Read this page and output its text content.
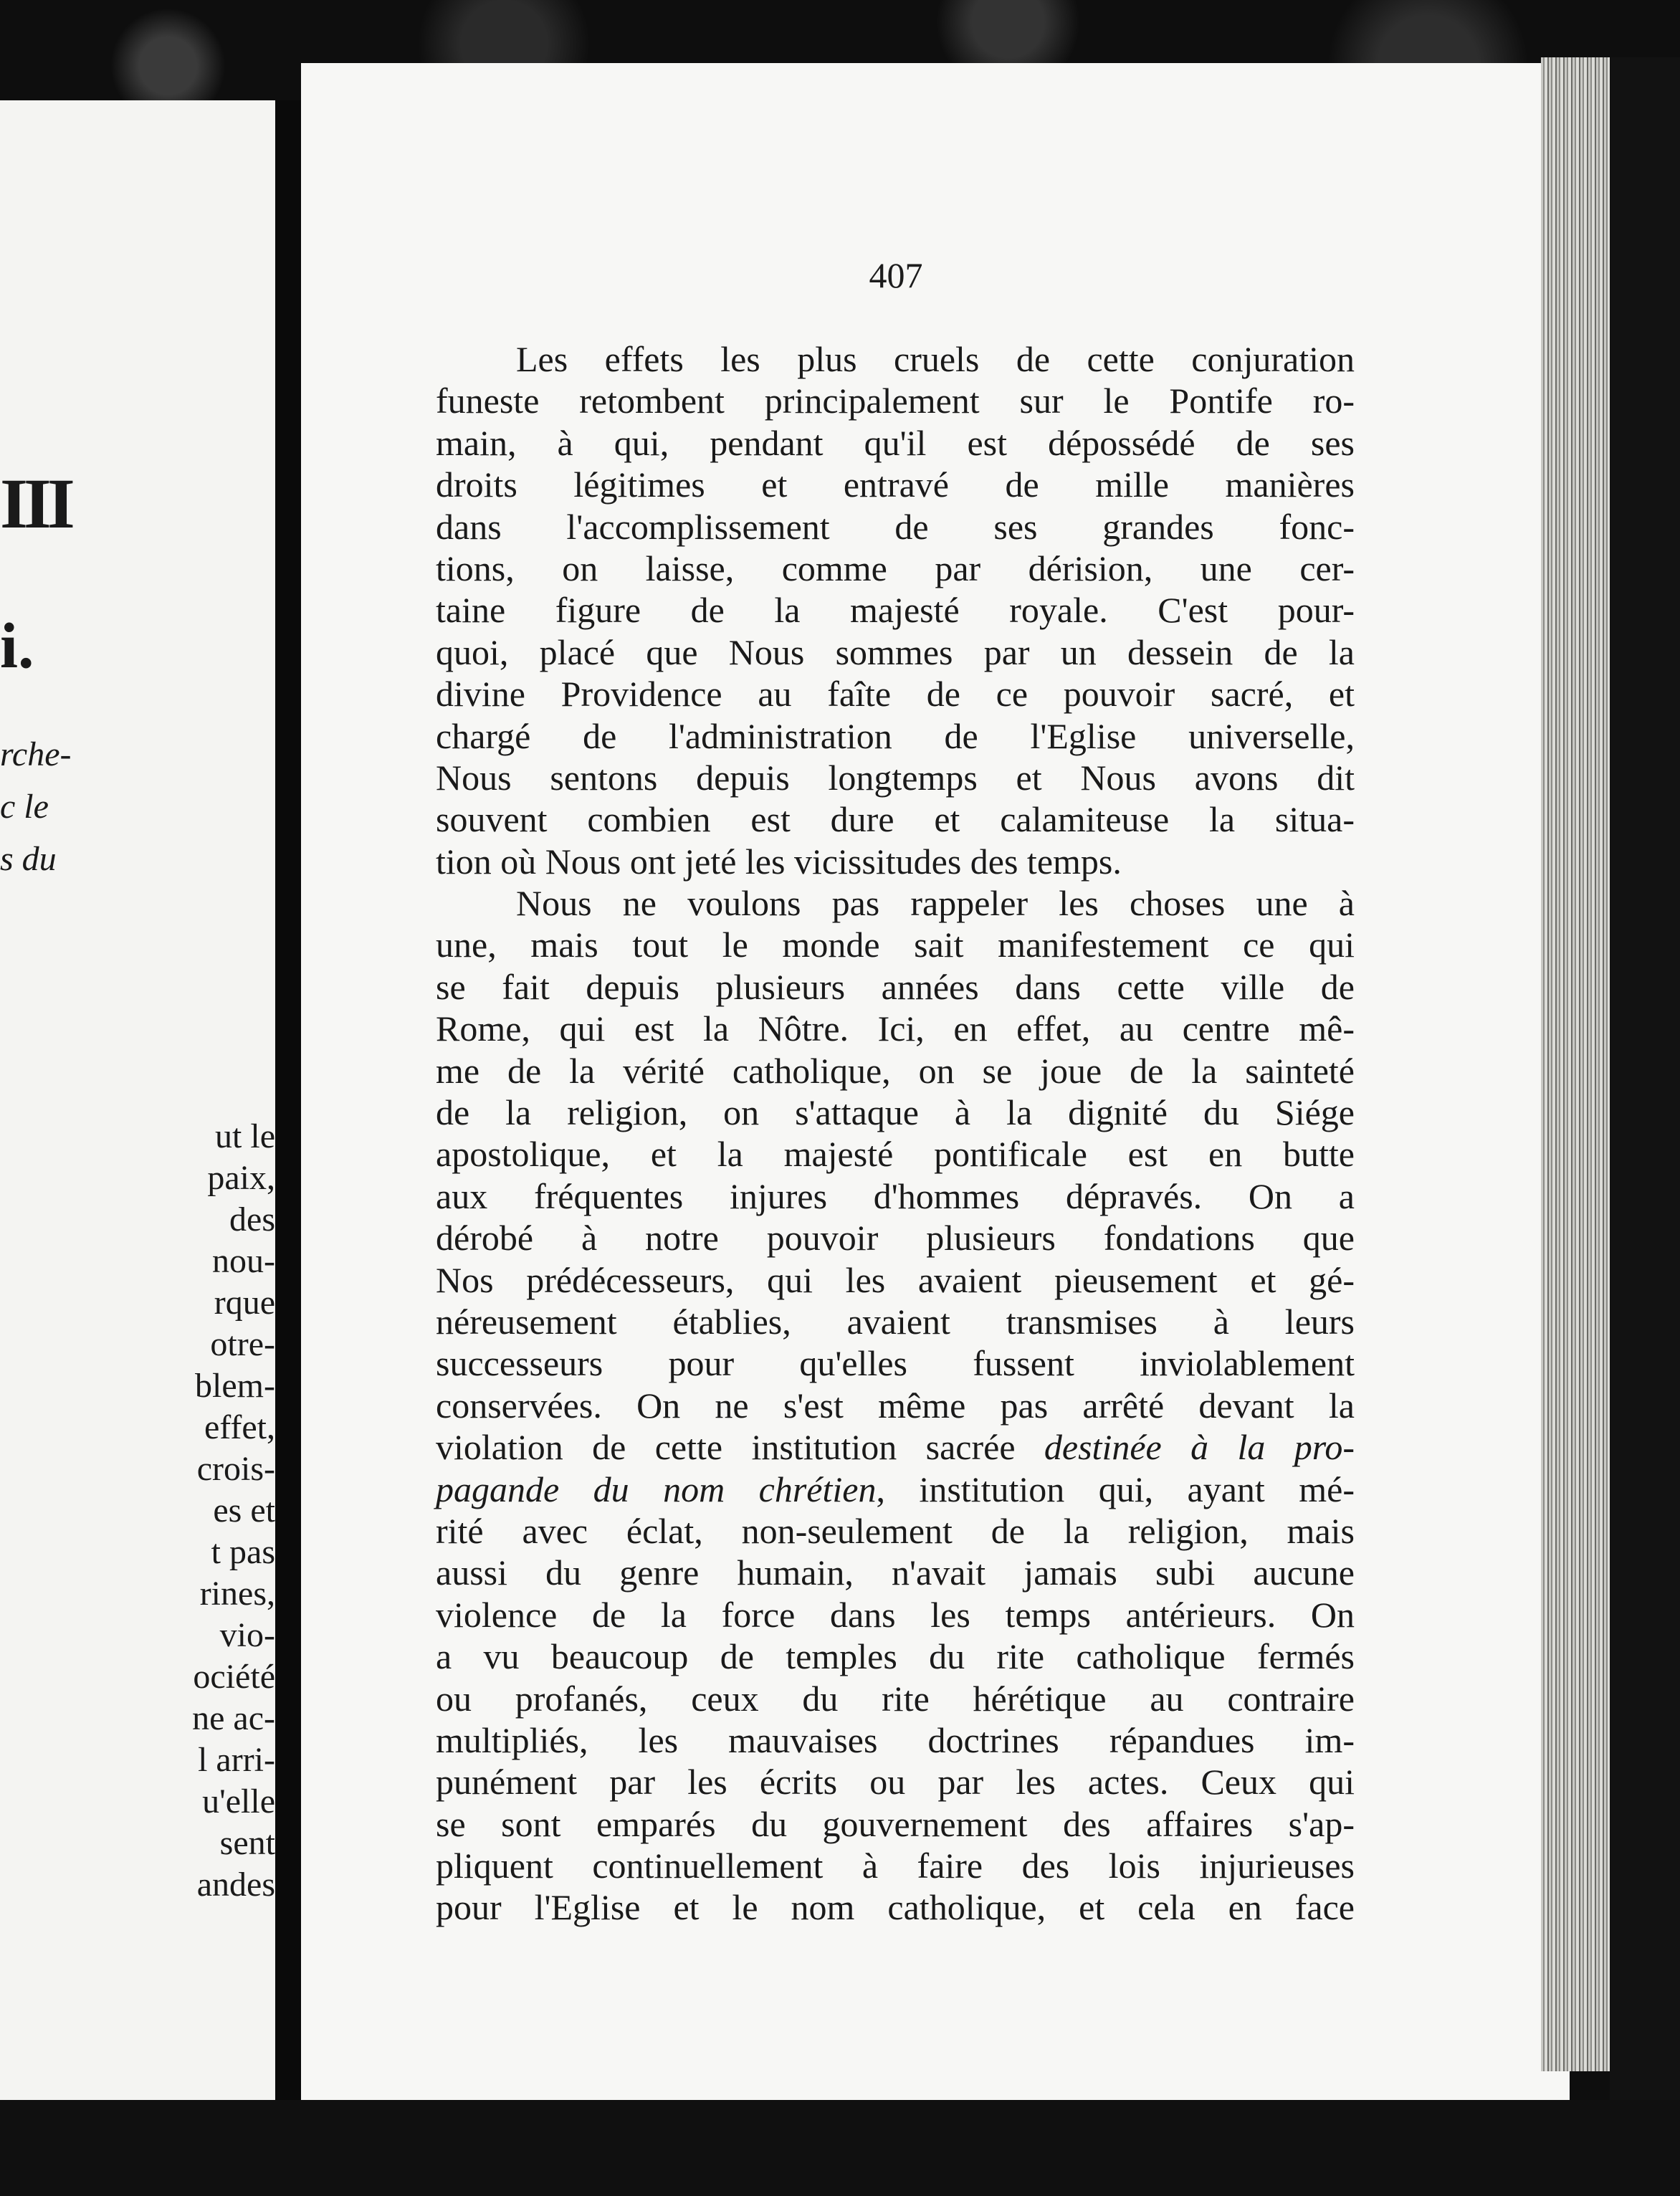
III
i.
rche-
c le
s du
ut le
paix,
des
nou-
rque
otre-
blem-
effet,
crois-
es et
t pas
rines,
vio-
ociété
ne ac-
l arri-
u'elle
sent
andes
407
Les effets les plus cruels de cette conjuration
funeste retombent principalement sur le Pontife ro-
main, à qui, pendant qu'il est dépossédé de ses
droits légitimes et entravé de mille manières
dans l'accomplissement de ses grandes fonc-
tions, on laisse, comme par dérision, une cer-
taine figure de la majesté royale. C'est pour-
quoi, placé que Nous sommes par un dessein de la
divine Providence au faîte de ce pouvoir sacré, et
chargé de l'administration de l'Eglise universelle,
Nous sentons depuis longtemps et Nous avons dit
souvent combien est dure et calamiteuse la situa-
tion où Nous ont jeté les vicissitudes des temps.
Nous ne voulons pas rappeler les choses une à
une, mais tout le monde sait manifestement ce qui
se fait depuis plusieurs années dans cette ville de
Rome, qui est la Nôtre. Ici, en effet, au centre mê-
me de la vérité catholique, on se joue de la sainteté
de la religion, on s'attaque à la dignité du Siége
apostolique, et la majesté pontificale est en butte
aux fréquentes injures d'hommes dépravés. On a
dérobé à notre pouvoir plusieurs fondations que
Nos prédécesseurs, qui les avaient pieusement et gé-
néreusement établies, avaient transmises à leurs
successeurs pour qu'elles fussent inviolablement
conservées. On ne s'est même pas arrêté devant la
violation de cette institution sacrée destinée à la pro-
pagande du nom chrétien, institution qui, ayant mé-
rité avec éclat, non-seulement de la religion, mais
aussi du genre humain, n'avait jamais subi aucune
violence de la force dans les temps antérieurs. On
a vu beaucoup de temples du rite catholique fermés
ou profanés, ceux du rite hérétique au contraire
multipliés, les mauvaises doctrines répandues im-
punément par les écrits ou par les actes. Ceux qui
se sont emparés du gouvernement des affaires s'ap-
pliquent continuellement à faire des lois injurieuses
pour l'Eglise et le nom catholique, et cela en face
